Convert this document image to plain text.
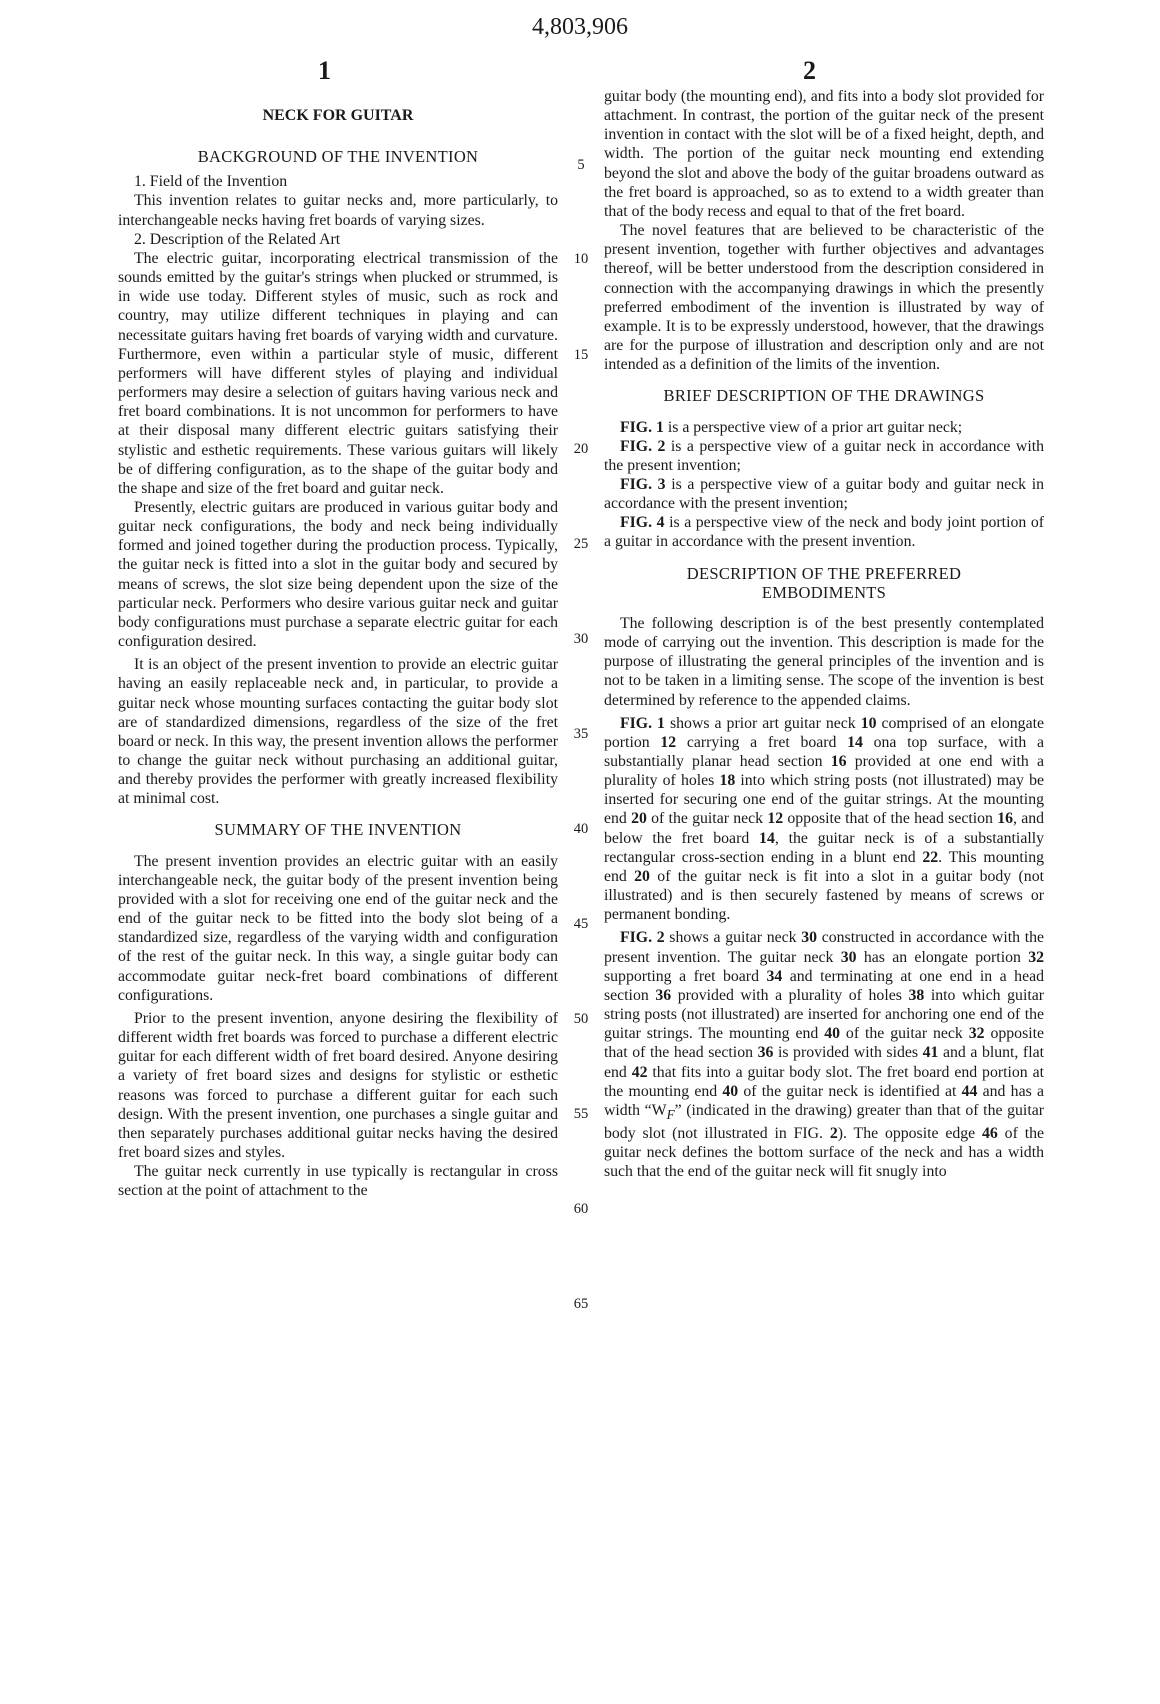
4,803,906
1	2
NECK FOR GUITAR
BACKGROUND OF THE INVENTION

1. Field of the Invention

This invention relates to guitar necks and, more particularly, to interchangeable necks having fret boards of varying sizes.

2. Description of the Related Art

The electric guitar, incorporating electrical transmission of the sounds emitted by the guitar's strings when plucked or strummed, is in wide use today. Different styles of music, such as rock and country, may utilize different techniques in playing and can necessitate guitars having fret boards of varying width and curvature. Furthermore, even within a particular style of music, different performers will have different styles of playing and individual performers may desire a selection of guitars having various neck and fret board combinations. It is not uncommon for performers to have at their disposal many different electric guitars satisfying their stylistic and esthetic requirements. These various guitars will likely be of differing configuration, as to the shape of the guitar body and the shape and size of the fret board and guitar neck.

Presently, electric guitars are produced in various guitar body and guitar neck configurations, the body and neck being individually formed and joined together during the production process. Typically, the guitar neck is fitted into a slot in the guitar body and secured by means of screws, the slot size being dependent upon the size of the particular neck. Performers who desire various guitar neck and guitar body configurations must purchase a separate electric guitar for each configuration desired.

It is an object of the present invention to provide an electric guitar having an easily replaceable neck and, in particular, to provide a guitar neck whose mounting surfaces contacting the guitar body slot are of standardized dimensions, regardless of the size of the fret board or neck. In this way, the present invention allows the performer to change the guitar neck without purchasing an additional guitar, and thereby provides the performer with greatly increased flexibility at minimal cost.

SUMMARY OF THE INVENTION

The present invention provides an electric guitar with an easily interchangeable neck, the guitar body of the present invention being provided with a slot for receiving one end of the guitar neck and the end of the guitar neck to be fitted into the body slot being of a standardized size, regardless of the varying width and configuration of the rest of the guitar neck. In this way, a single guitar body can accommodate guitar neck-fret board combinations of different configurations.

Prior to the present invention, anyone desiring the flexibility of different width fret boards was forced to purchase a different electric guitar for each different width of fret board desired. Anyone desiring a variety of fret board sizes and designs for stylistic or esthetic reasons was forced to purchase a different guitar for each such design. With the present invention, one purchases a single guitar and then separately purchases additional guitar necks having the desired fret board sizes and styles.

The guitar neck currently in use typically is rectangular in cross section at the point of attachment to the

guitar body (the mounting end), and fits into a body slot provided for attachment. In contrast, the portion of the guitar neck of the present invention in contact with the slot will be of a fixed height, depth, and width. The portion of the guitar neck mounting end extending beyond the slot and above the body of the guitar broadens outward as the fret board is approached, so as to extend to a width greater than that of the body recess and equal to that of the fret board.

The novel features that are believed to be characteristic of the present invention, together with further objectives and advantages thereof, will be better understood from the description considered in connection with the accompanying drawings in which the presently preferred embodiment of the invention is illustrated by way of example. It is to be expressly understood, however, that the drawings are for the purpose of illustration and description only and are not intended as a definition of the limits of the invention.

BRIEF DESCRIPTION OF THE DRAWINGS

FIG. 1 is a perspective view of a prior art guitar neck;

FIG. 2 is a perspective view of a guitar neck in accordance with the present invention;

FIG. 3 is a perspective view of a guitar body and guitar neck in accordance with the present invention;

FIG. 4 is a perspective view of the neck and body joint portion of a guitar in accordance with the present invention.

DESCRIPTION OF THE PREFERRED
EMBODIMENTS

The following description is of the best presently contemplated mode of carrying out the invention. This description is made for the purpose of illustrating the general principles of the invention and is not to be taken in a limiting sense. The scope of the invention is best determined by reference to the appended claims.

FIG. 1 shows a prior art guitar neck 10 comprised of an elongate portion 12 carrying a fret board 14 ona top surface, with a substantially planar head section 16 provided at one end with a plurality of holes 18 into which string posts (not illustrated) may be inserted for securing one end of the guitar strings. At the mounting end 20 of the guitar neck 12 opposite that of the head section 16, and below the fret board 14, the guitar neck is of a substantially rectangular cross-section ending in a blunt end 22. This mounting end 20 of the guitar neck is fit into a slot in a guitar body (not illustrated) and is then securely fastened by means of screws or permanent bonding.

FIG. 2 shows a guitar neck 30 constructed in accordance with the present invention. The guitar neck 30 has an elongate portion 32 supporting a fret board 34 and terminating at one end in a head section 36 provided with a plurality of holes 38 into which guitar string posts (not illustrated) are inserted for anchoring one end of the guitar strings. The mounting end 40 of the guitar neck 32 opposite that of the head section 36 is provided with sides 41 and a blunt, flat end 42 that fits into a guitar body slot. The fret board end portion at the mounting end 40 of the guitar neck is identified at 44 and has a width “$W_F$” (indicated in the drawing) greater than that of the guitar body slot (not illustrated in FIG. 2). The opposite edge 46 of the guitar neck defines the bottom surface of the neck and has a width such that the end of the guitar neck will fit snugly into

5
10
15
20
25
30
35
40
45
50
55
60
65
